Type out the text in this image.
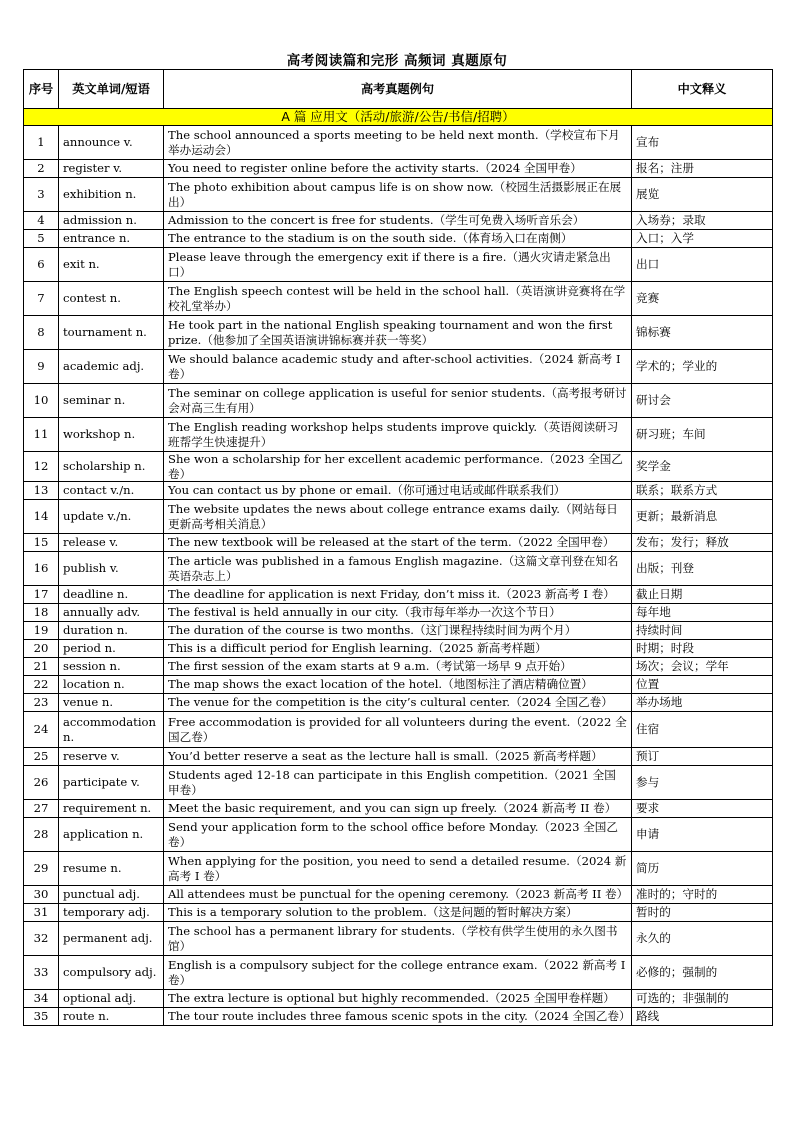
高考阅读篇和完形 高频词 真题原句
序号	英文单词/短语	高考真题例句	中文释义
A 篇 应用文（活动/旅游/公告/书信/招聘）			
1	announce v.	The school announced a sports meeting to be held next month.（学校宣布下月举办运动会）	宣布
2	register v.	You need to register online before the activity starts.（2024 全国甲卷）	报名；注册
3	exhibition n.	The photo exhibition about campus life is on show now.（校园生活摄影展正在展出）	展览
4	admission n.	Admission to the concert is free for students.（学生可免费入场听音乐会）	入场券；录取
5	entrance n.	The entrance to the stadium is on the south side.（体育场入口在南侧）	入口；入学
6	exit n.	Please leave through the emergency exit if there is a fire.（遇火灾请走紧急出口）	出口
7	contest n.	The English speech contest will be held in the school hall.（英语演讲竞赛将在学校礼堂举办）	竞赛
8	tournament n.	He took part in the national English speaking tournament and won the first prize.（他参加了全国英语演讲锦标赛并获一等奖）	锦标赛
9	academic adj.	We should balance academic study and after-school activities.（2024 新高考 I 卷）	学术的；学业的
10	seminar n.	The seminar on college application is useful for senior students.（高考报考研讨会对高三生有用）	研讨会
11	workshop n.	The English reading workshop helps students improve quickly.（英语阅读研习班帮学生快速提升）	研习班；车间
12	scholarship n.	She won a scholarship for her excellent academic performance.（2023 全国乙卷）	奖学金
13	contact v./n.	You can contact us by phone or email.（你可通过电话或邮件联系我们）	联系；联系方式
14	update v./n.	The website updates the news about college entrance exams daily.（网站每日更新高考相关消息）	更新；最新消息
15	release v.	The new textbook will be released at the start of the term.（2022 全国甲卷）	发布；发行；释放
16	publish v.	The article was published in a famous English magazine.（这篇文章刊登在知名英语杂志上）	出版；刊登
17	deadline n.	The deadline for application is next Friday, don’t miss it.（2023 新高考 I 卷）	截止日期
18	annually adv.	The festival is held annually in our city.（我市每年举办一次这个节日）	每年地
19	duration n.	The duration of the course is two months.（这门课程持续时间为两个月）	持续时间
20	period n.	This is a difficult period for English learning.（2025 新高考样题）	时期；时段
21	session n.	The first session of the exam starts at 9 a.m.（考试第一场早 9 点开始）	场次；会议；学年
22	location n.	The map shows the exact location of the hotel.（地图标注了酒店精确位置）	位置
23	venue n.	The venue for the competition is the city’s cultural center.（2024 全国乙卷）	举办场地
24	accommodation n.	Free accommodation is provided for all volunteers during the event.（2022 全国乙卷）	住宿
25	reserve v.	You’d better reserve a seat as the lecture hall is small.（2025 新高考样题）	预订
26	participate v.	Students aged 12-18 can participate in this English competition.（2021 全国甲卷）	参与
27	requirement n.	Meet the basic requirement, and you can sign up freely.（2024 新高考 II 卷）	要求
28	application n.	Send your application form to the school office before Monday.（2023 全国乙卷）	申请
29	resume n.	When applying for the position, you need to send a detailed resume.（2024 新高考 I 卷）	简历
30	punctual adj.	All attendees must be punctual for the opening ceremony.（2023 新高考 II 卷）	准时的；守时的
31	temporary adj.	This is a temporary solution to the problem.（这是问题的暂时解决方案）	暂时的
32	permanent adj.	The school has a permanent library for students.（学校有供学生使用的永久图书馆）	永久的
33	compulsory adj.	English is a compulsory subject for the college entrance exam.（2022 新高考 I 卷）	必修的；强制的
34	optional adj.	The extra lecture is optional but highly recommended.（2025 全国甲卷样题）	可选的；非强制的
35	route n.	The tour route includes three famous scenic spots in the city.（2024 全国乙卷）	路线
